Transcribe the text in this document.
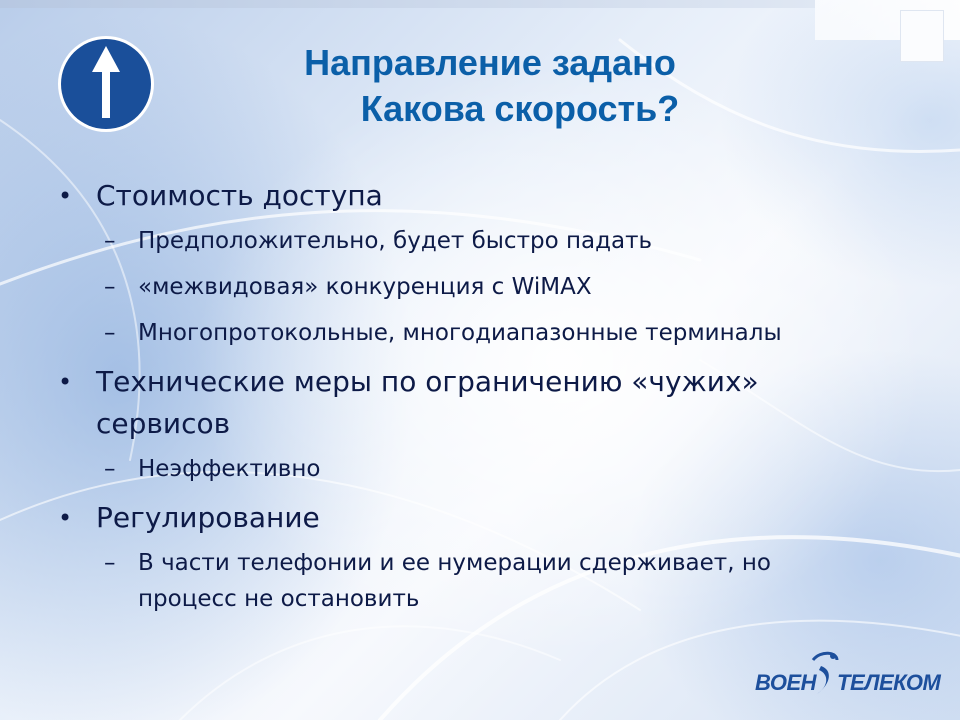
Направление задано
Какова скорость?
• Стоимость доступа
– Предположительно, будет быстро падать
– «межвидовая» конкуренция с WiMAX
– Многопротокольные, многодиапазонные терминалы
• Технические меры по ограничению «чужих»
сервисов
– Неэффективно
• Регулирование
– В части телефонии и ее нумерации сдерживает, но
процесс не остановить
ВОЕН ТЕЛЕКОМ
